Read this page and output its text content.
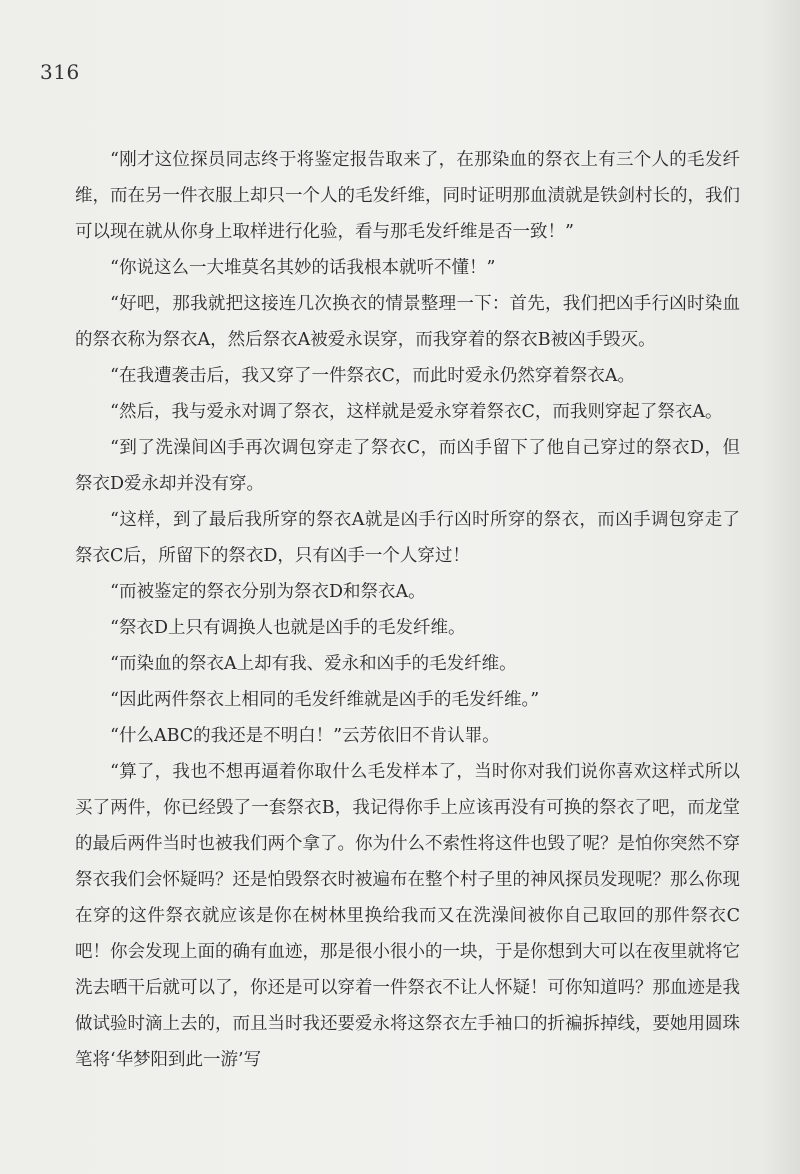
316

“刚才这位探员同志终于将鉴定报告取来了，在那染血的祭衣上有三个人的毛发纤维，而在另一件衣服上却只一个人的毛发纤维，同时证明那血渍就是铁剑村长的，我们可以现在就从你身上取样进行化验，看与那毛发纤维是否一致！”

“你说这么一大堆莫名其妙的话我根本就听不懂！”

“好吧，那我就把这接连几次换衣的情景整理一下：首先，我们把凶手行凶时染血的祭衣称为祭衣A，然后祭衣A被爱永误穿，而我穿着的祭衣B被凶手毁灭。

“在我遭袭击后，我又穿了一件祭衣C，而此时爱永仍然穿着祭衣A。

“然后，我与爱永对调了祭衣，这样就是爱永穿着祭衣C，而我则穿起了祭衣A。

“到了洗澡间凶手再次调包穿走了祭衣C，而凶手留下了他自己穿过的祭衣D，但祭衣D爱永却并没有穿。

“这样，到了最后我所穿的祭衣A就是凶手行凶时所穿的祭衣，而凶手调包穿走了祭衣C后，所留下的祭衣D，只有凶手一个人穿过！

“而被鉴定的祭衣分别为祭衣D和祭衣A。

“祭衣D上只有调换人也就是凶手的毛发纤维。

“而染血的祭衣A上却有我、爱永和凶手的毛发纤维。

“因此两件祭衣上相同的毛发纤维就是凶手的毛发纤维。”

“什么ABC的我还是不明白！”云芳依旧不肯认罪。

“算了，我也不想再逼着你取什么毛发样本了，当时你对我们说你喜欢这样式所以买了两件，你已经毁了一套祭衣B，我记得你手上应该再没有可换的祭衣了吧，而龙堂的最后两件当时也被我们两个拿了。你为什么不索性将这件也毁了呢？是怕你突然不穿祭衣我们会怀疑吗？还是怕毁祭衣时被遍布在整个村子里的神风探员发现呢？那么你现在穿的这件祭衣就应该是你在树林里换给我而又在洗澡间被你自己取回的那件祭衣C吧！你会发现上面的确有血迹，那是很小很小的一块，于是你想到大可以在夜里就将它洗去晒干后就可以了，你还是可以穿着一件祭衣不让人怀疑！可你知道吗？那血迹是我做试验时滴上去的，而且当时我还要爱永将这祭衣左手袖口的折褊拆掉线，要她用圆珠笔将‘华梦阳到此一游’写
